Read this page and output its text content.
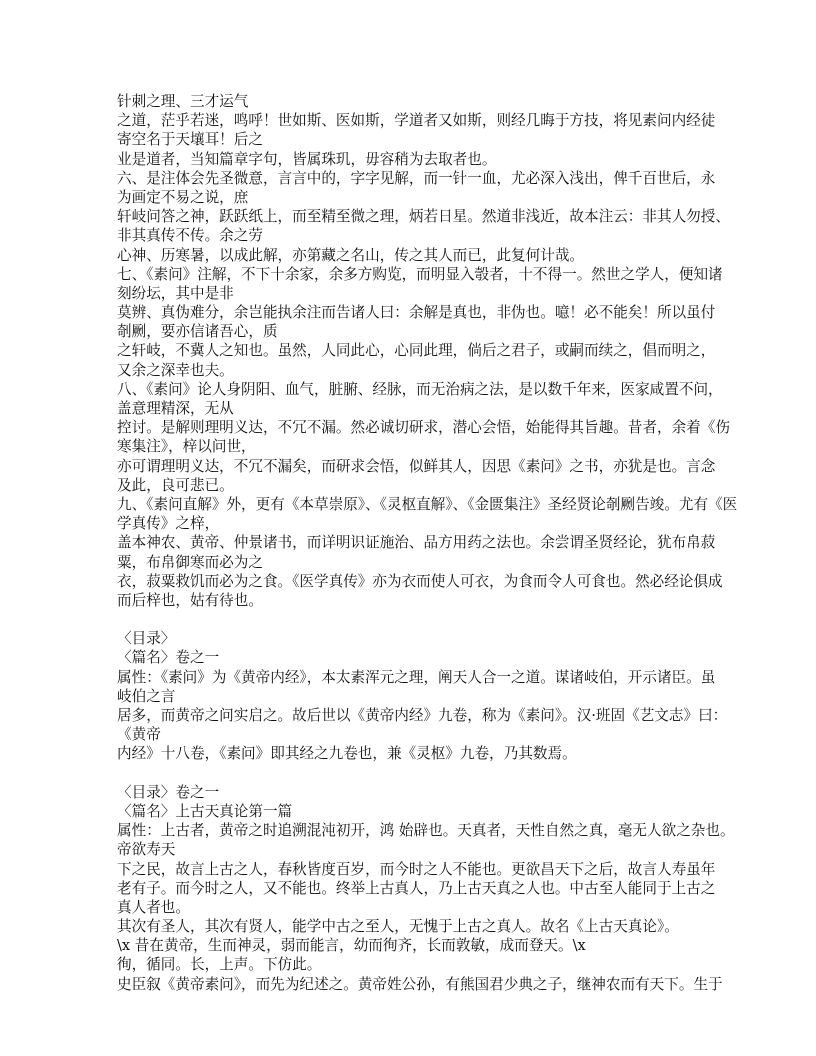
针刺之理、三才运气
之道，茫乎若迷，鸣呼！世如斯、医如斯，学道者又如斯，则经几晦于方技，将见素问内经徒
寄空名于天壤耳！后之
业是道者，当知篇章字句，皆属珠玑，毋容稍为去取者也。
六、是注体会先圣微意，言言中的，字字见解，而一针一血，尤必深入浅出，俾千百世后，永
为画定不易之说，庶
轩岐问答之神，跃跃纸上，而至精至微之理，炳若日星。然道非浅近，故本注云：非其人勿授、
非其真传不传。余之劳
心神、历寒暑，以成此解，亦第藏之名山，传之其人而已，此复何计哉。
七、《素问》注解，不下十余家，余多方购览，而明显入彀者，十不得一。然世之学人，便知诸
刻纷坛，其中是非
莫辨、真伪难分，余岂能执余注而告诸人曰：余解是真也，非伪也。噫！必不能矣！所以虽付
剞劂，要亦信诸吾心，质
之轩岐，不冀人之知也。虽然，人同此心，心同此理，倘后之君子，或嗣而续之，倡而明之，
又余之深幸也夫。
八、《素问》论人身阴阳、血气，脏腑、经脉，而无治病之法，是以数千年来，医家咸置不问，
盖意理精深，无从
控讨。是解则理明义达，不冗不漏。然必诚切研求，潜心会悟，始能得其旨趣。昔者，余着《伤
寒集注》，梓以问世，
亦可谓理明义达，不冗不漏矣，而研求会悟，似鲜其人，因思《素问》之书，亦犹是也。言念
及此，良可悲已。
九、《素问直解》外，更有《本草崇原》、《灵枢直解》、《金匮集注》圣经贤论剞劂告竣。尤有《医
学真传》之梓，
盖本神农、黄帝、仲景诸书，而详明识证施治、品方用药之法也。余尝谓圣贤经论，犹布帛菽
粟，布帛御寒而必为之
衣，菽粟救饥而必为之食。《医学真传》亦为衣而使人可衣，为食而令人可食也。然必经论俱成
而后梓也，姑有待也。
〈目录〉
〈篇名〉卷之一
属性：《素问》为《黄帝内经》，本太素浑元之理，阐天人合一之道。谋诸岐伯，开示诸臣。虽
岐伯之言
居多，而黄帝之问实启之。故后世以《黄帝内经》九卷，称为《素问》。汉·班固《艺文志》曰：
《黄帝
内经》十八卷，《素问》即其经之九卷也，兼《灵枢》九卷，乃其数焉。
〈目录〉卷之一
〈篇名〉上古天真论第一篇
属性：上古者，黄帝之时追溯混沌初开，鸿 始辟也。天真者，天性自然之真，毫无人欲之杂也。
帝欲寿天
下之民，故言上古之人，春秋皆度百岁，而今时之人不能也。更欲昌天下之后，故言人寿虽年
老有子。而今时之人，又不能也。终举上古真人，乃上古天真之人也。中古至人能同于上古之
真人者也。
其次有圣人，其次有贤人，能学中古之至人，无愧于上古之真人。故名《上古天真论》。
\x 昔在黄帝，生而神灵，弱而能言，幼而徇齐，长而敦敏，成而登天。\x
徇，循同。长，上声。下仿此。
史臣叙《黄帝素问》，而先为纪述之。黄帝姓公孙，有熊国君少典之子，继神农而有天下。生于
